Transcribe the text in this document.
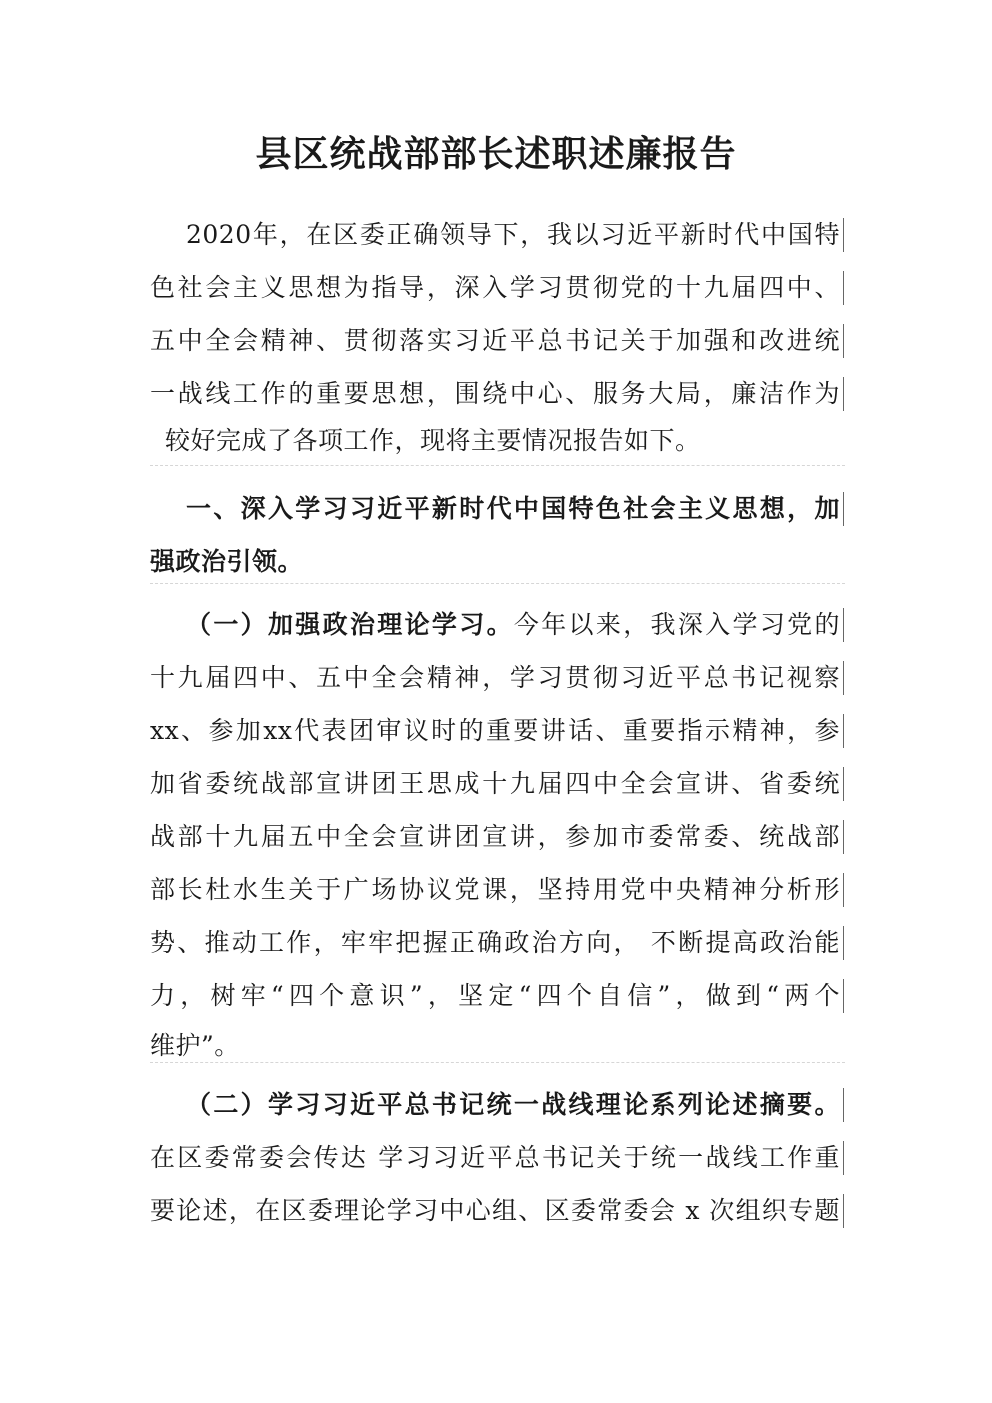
县区统战部部长述职述廉报告
2020年，在区委正确领导下，我以习近平新时代中国特
色社会主义思想为指导，深入学习贯彻党的十九届四中、
五中全会精神、贯彻落实习近平总书记关于加强和改进统
一战线工作的重要思想，围绕中心、服务大局，廉洁作为
较好完成了各项工作，现将主要情况报告如下。
一、深入学习习近平新时代中国特色社会主义思想，加
强政治引领。
（一）加强政治理论学习。今年以来，我深入学习党的
十九届四中、五中全会精神，学习贯彻习近平总书记视察
xx、参加xx代表团审议时的重要讲话、重要指示精神，参
加省委统战部宣讲团王思成十九届四中全会宣讲、省委统
战部十九届五中全会宣讲团宣讲，参加市委常委、统战部
部长杜水生关于广场协议党课，坚持用党中央精神分析形
势、推动工作，牢牢把握正确政治方向， 不断提高政治能
力，树牢“四个意识”，坚定“四个自信”，做到“两个
维护”。
（二）学习习近平总书记统一战线理论系列论述摘要。
在区委常委会传达 学习习近平总书记关于统一战线工作重
要论述，在区委理论学习中心组、区委常委会 x 次组织专题
